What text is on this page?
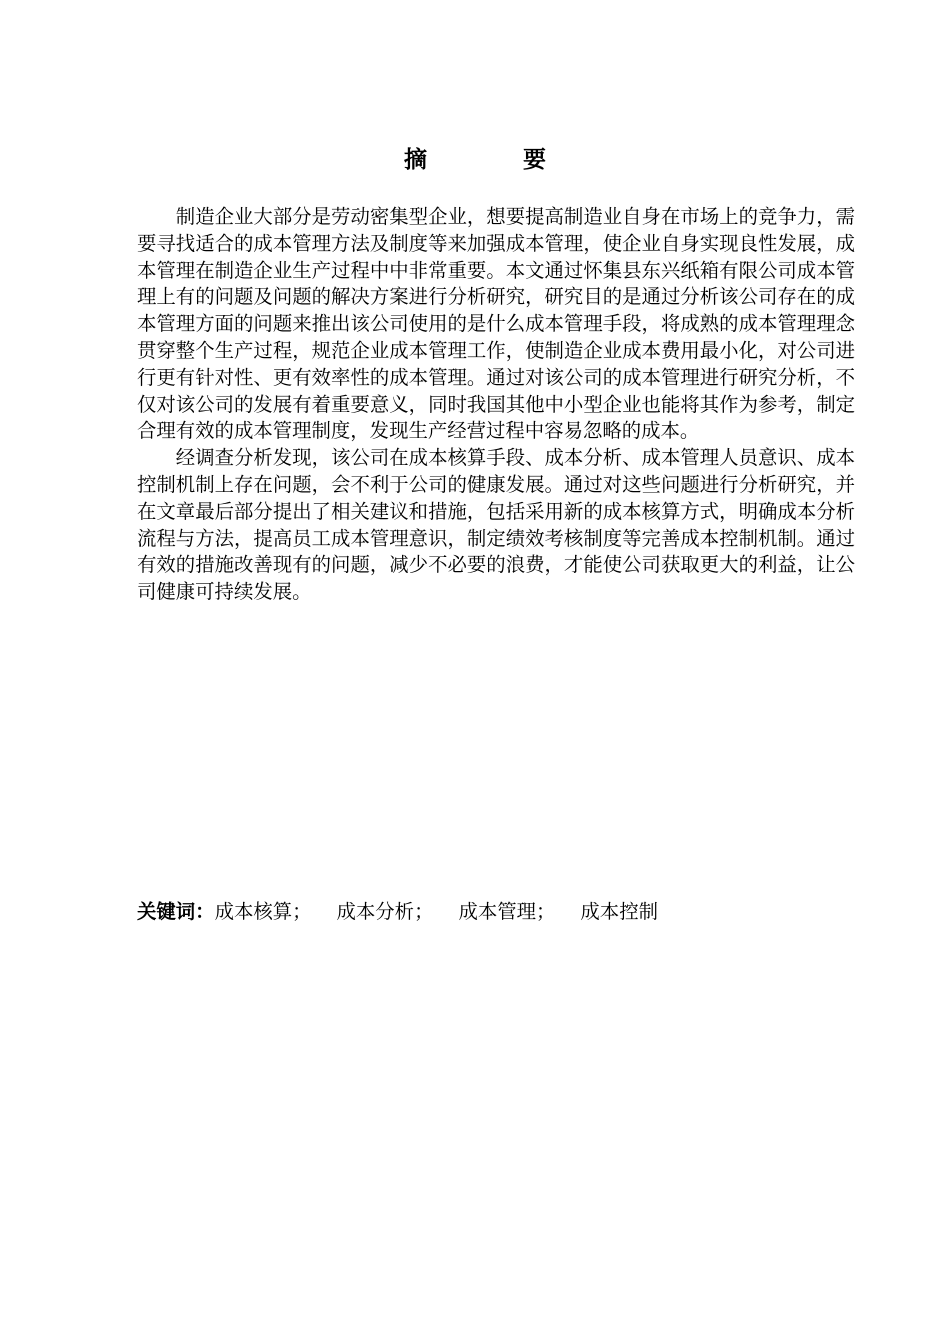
摘 要

制造企业大部分是劳动密集型企业，想要提高制造业自身在市场上的竞争力，需要寻找适合的成本管理方法及制度等来加强成本管理，使企业自身实现良性发展，成本管理在制造企业生产过程中中非常重要。本文通过怀集县东兴纸箱有限公司成本管理上有的问题及问题的解决方案进行分析研究，研究目的是通过分析该公司存在的成本管理方面的问题来推出该公司使用的是什么成本管理手段，将成熟的成本管理理念贯穿整个生产过程，规范企业成本管理工作，使制造企业成本费用最小化，对公司进行更有针对性、更有效率性的成本管理。通过对该公司的成本管理进行研究分析，不仅对该公司的发展有着重要意义，同时我国其他中小型企业也能将其作为参考，制定合理有效的成本管理制度，发现生产经营过程中容易忽略的成本。

经调查分析发现，该公司在成本核算手段、成本分析、成本管理人员意识、成本控制机制上存在问题，会不利于公司的健康发展。通过对这些问题进行分析研究，并在文章最后部分提出了相关建议和措施，包括采用新的成本核算方式，明确成本分析流程与方法，提高员工成本管理意识，制定绩效考核制度等完善成本控制机制。通过有效的措施改善现有的问题，减少不必要的浪费，才能使公司获取更大的利益，让公司健康可持续发展。

关键词：成本核算； 成本分析； 成本管理； 成本控制
